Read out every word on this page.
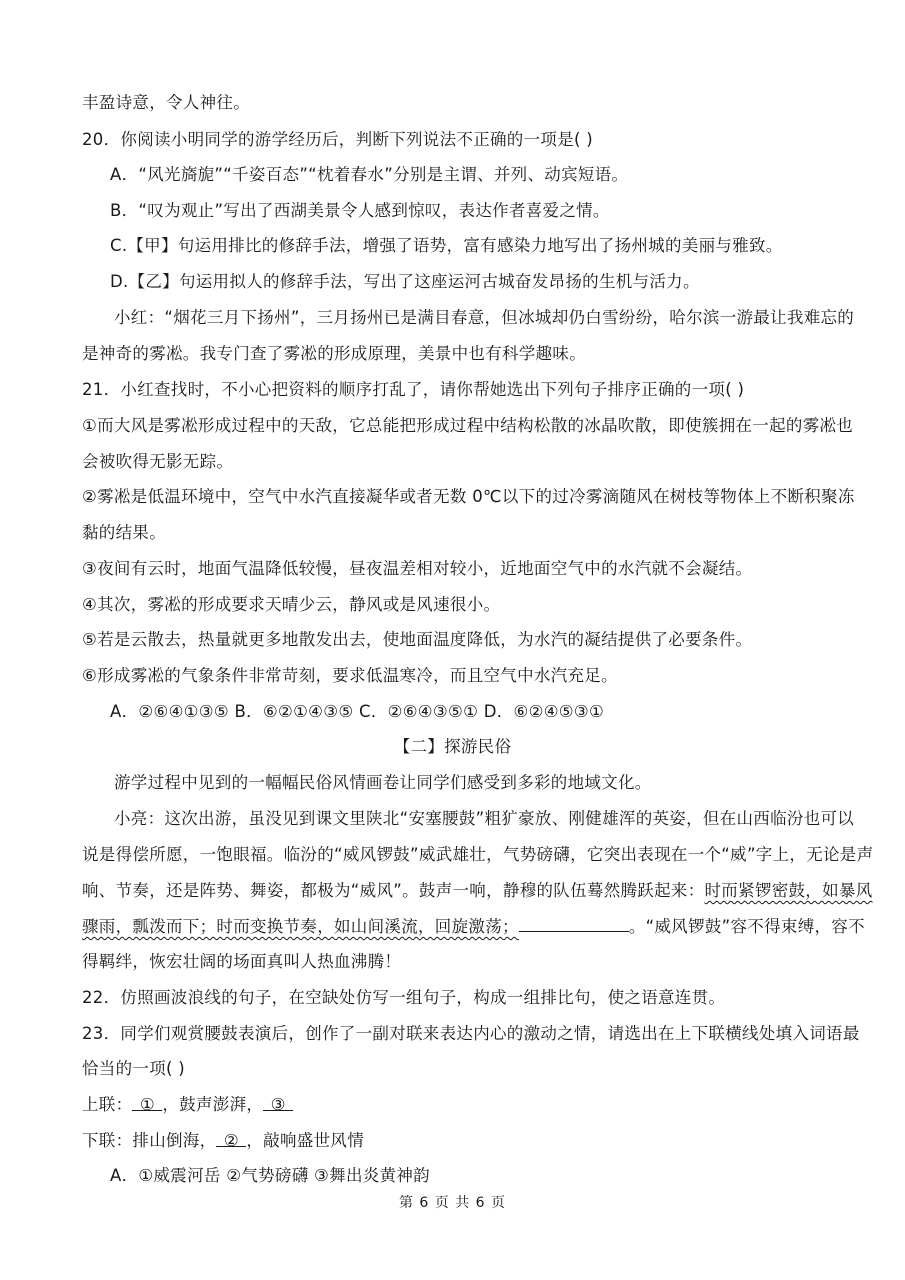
丰盈诗意，令人神往。
20．你阅读小明同学的游学经历后，判断下列说法不正确的一项是( )
A．“风光旖旎”“千姿百态”“枕着春水”分别是主谓、并列、动宾短语。
B．“叹为观止”写出了西湖美景令人感到惊叹，表达作者喜爱之情。
C.【甲】句运用排比的修辞手法，增强了语势，富有感染力地写出了扬州城的美丽与雅致。
D.【乙】句运用拟人的修辞手法，写出了这座运河古城奋发昂扬的生机与活力。
小红：“烟花三月下扬州”，三月扬州已是满目春意，但冰城却仍白雪纷纷，哈尔滨一游最让我难忘的
是神奇的雾凇。我专门查了雾凇的形成原理，美景中也有科学趣味。
21．小红查找时，不小心把资料的顺序打乱了，请你帮她选出下列句子排序正确的一项( )
①而大风是雾凇形成过程中的天敌，它总能把形成过程中结构松散的冰晶吹散，即使簇拥在一起的雾凇也
会被吹得无影无踪。
②雾凇是低温环境中，空气中水汽直接凝华或者无数 0℃以下的过冷雾滴随风在树枝等物体上不断积聚冻
黏的结果。
③夜间有云时，地面气温降低较慢，昼夜温差相对较小，近地面空气中的水汽就不会凝结。
④其次，雾凇的形成要求天晴少云，静风或是风速很小。
⑤若是云散去，热量就更多地散发出去，使地面温度降低，为水汽的凝结提供了必要条件。
⑥形成雾凇的气象条件非常苛刻，要求低温寒冷，而且空气中水汽充足。
A．②⑥④①③⑤ B．⑥②①④③⑤ C．②⑥④③⑤① D．⑥②④⑤③①
【二】探游民俗
游学过程中见到的一幅幅民俗风情画卷让同学们感受到多彩的地域文化。
小亮：这次出游，虽没见到课文里陕北“安塞腰鼓”粗犷豪放、刚健雄浑的英姿，但在山西临汾也可以
说是得偿所愿，一饱眼福。临汾的“威风锣鼓”威武雄壮，气势磅礴，它突出表现在一个“威”字上，无论是声
响、节奏，还是阵势、舞姿，都极为“威风”。鼓声一响，静穆的队伍蓦然腾跃起来：时而紧锣密鼓，如暴风
骤雨，瓢泼而下；时而变换节奏，如山间溪流，回旋激荡；	。“威风锣鼓”容不得束缚，容不
得羁绊，恢宏壮阔的场面真叫人热血沸腾！
22．仿照画波浪线的句子，在空缺处仿写一组句子，构成一组排比句，使之语意连贯。
23．同学们观赏腰鼓表演后，创作了一副对联来表达内心的激动之情，请选出在上下联横线处填入词语最
恰当的一项( )
上联： ① ，鼓声澎湃， ③
下联：排山倒海， ② ，敲响盛世风情
A．①威震河岳 ②气势磅礴 ③舞出炎黄神韵
第 6 页 共 6 页
